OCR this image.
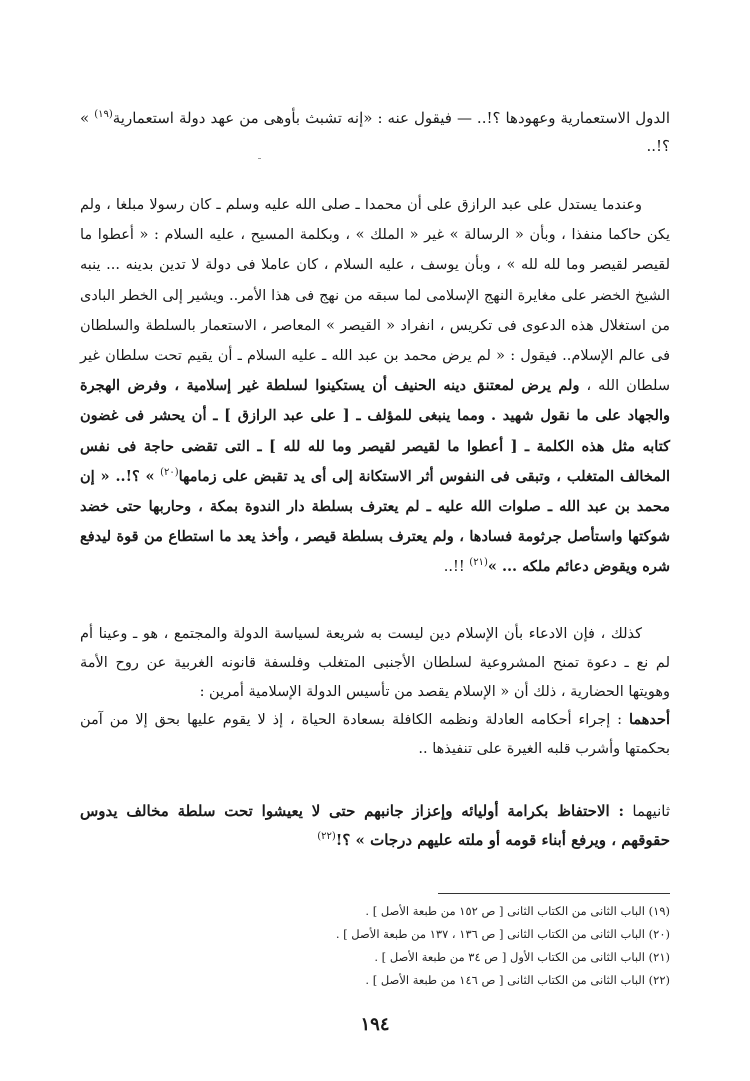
الدول الاستعمارية وعهودها ؟!.. — فيقول عنه : «إنه تشبث بأوهى من عهد دولة استعمارية$^{(١٩)}$ » ؟!..

وعندما يستدل على عبد الرازق على أن محمدا ـ صلى الله عليه وسلم ـ كان رسولا مبلغا ، ولم يكن حاكما منفذا ، وبأن « الرسالة » غير « الملك » ، وبكلمة المسيح ، عليه السلام : « أعطوا ما لقيصر لقيصر وما لله لله » ، وبأن يوسف ، عليه السلام ، كان عاملا فى دولة لا تدين بدينه ... ينبه الشيخ الخضر على مغايرة النهج الإسلامى لما سبقه من نهج فى هذا الأمر.. ويشير إلى الخطر البادى من استغلال هذه الدعوى فى تكريس ، انفراد « القيصر » المعاصر ، الاستعمار بالسلطة والسلطان فى عالم الإسلام.. فيقول : « لم يرض محمد بن عبد الله ـ عليه السلام ـ أن يقيم تحت سلطان غير سلطان الله ، ولم يرض لمعتنق دينه الحنيف أن يستكينوا لسلطة غير إسلامية ، وفرض الهجرة والجهاد على ما نقول شهيد . ومما ينبغى للمؤلف ـ [ على عبد الرازق ] ـ أن يحشر فى غضون كتابه مثل هذه الكلمة ـ [ أعطوا ما لقيصر لقيصر وما لله لله ] ـ التى تقضى حاجة فى نفس المخالف المتغلب ، وتبقى فى النفوس أثر الاستكانة إلى أى يد تقبض على زمامها$^{(٢٠)}$ » ؟!.. « إن محمد بن عبد الله ـ صلوات الله عليه ـ لم يعترف بسلطة دار الندوة بمكة ، وحاربها حتى خضد شوكتها واستأصل جرثومة فسادها ، ولم يعترف بسلطة قيصر ، وأخذ يعد ما استطاع من قوة ليدفع شره ويقوض دعائم ملكه ... »$^{(٢١)}$ !!..

كذلك ، فإن الادعاء بأن الإسلام دين ليست به شريعة لسياسة الدولة والمجتمع ، هو ـ وعينا أم لم نع ـ دعوة تمنح المشروعية لسلطان الأجنبى المتغلب وفلسفة قانونه الغربية عن روح الأمة وهويتها الحضارية ، ذلك أن « الإسلام يقصد من تأسيس الدولة الإسلامية أمرين :

أحدهما : إجراء أحكامه العادلة ونظمه الكافلة بسعادة الحياة ، إذ لا يقوم عليها بحق إلا من آمن بحكمتها وأشرب قلبه الغيرة على تنفيذها ..

ثانيهما : الاحتفاظ بكرامة أوليائه وإعزاز جانبهم حتى لا يعيشوا تحت سلطة مخالف يدوس حقوقهم ، ويرفع أبناء قومه أو ملته عليهم درجات » ؟!$^{(٢٢)}$

(١٩) الباب الثانى من الكتاب الثانى [ ص ١٥٢ من طبعة الأصل ] .
(٢٠) الباب الثانى من الكتاب الثانى [ ص ١٣٦ ، ١٣٧ من طبعة الأصل ] .
(٢١) الباب الثانى من الكتاب الأول [ ص ٣٤ من طبعة الأصل ] .
(٢٢) الباب الثانى من الكتاب الثانى [ ص ١٤٦ من طبعة الأصل ] .
١٩٤
